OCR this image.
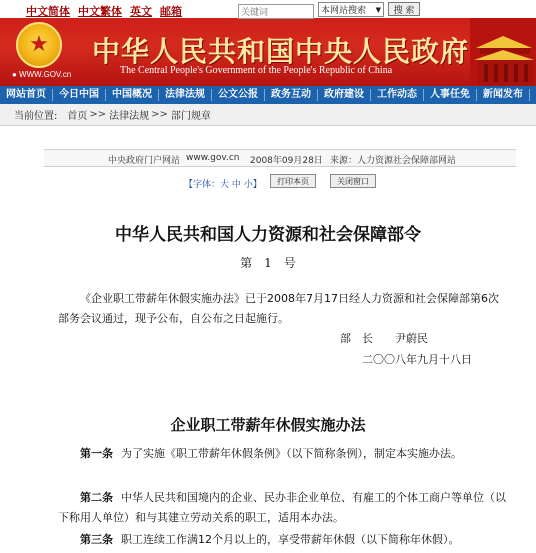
中文简体 中文繁体 英文 邮箱
关键词	本网站搜索 ▼	搜 索
★
● WWW.GOV.cn
中华人民共和国中央人民政府
The Central People's Government of the People's Republic of China
网站首页	今日中国	中国概况	法律法规	公文公报	政务互动	政府建设	工作动态	人事任免	新闻发布
当前位置: 首页 >> 法律法规 >> 部门规章
中央政府门户网站 www.gov.cn 2008年09月28日 来源：人力资源社会保障部网站
【字体：大 中 小】	打印本页	关闭窗口
中华人民共和国人力资源和社会保障部令
第　1　号
《企业职工带薪年休假实施办法》已于2008年7月17日经人力资源和社会保障部第6次部务会议通过，现予公布，自公布之日起施行。
部　长　　尹蔚民
二〇〇八年九月十八日
企业职工带薪年休假实施办法
第一条 为了实施《职工带薪年休假条例》（以下简称条例），制定本实施办法。
第二条 中华人民共和国境内的企业、民办非企业单位、有雇工的个体工商户等单位（以下称用人单位）和与其建立劳动关系的职工，适用本办法。
第三条 职工连续工作满12个月以上的，享受带薪年休假（以下简称年休假）。
